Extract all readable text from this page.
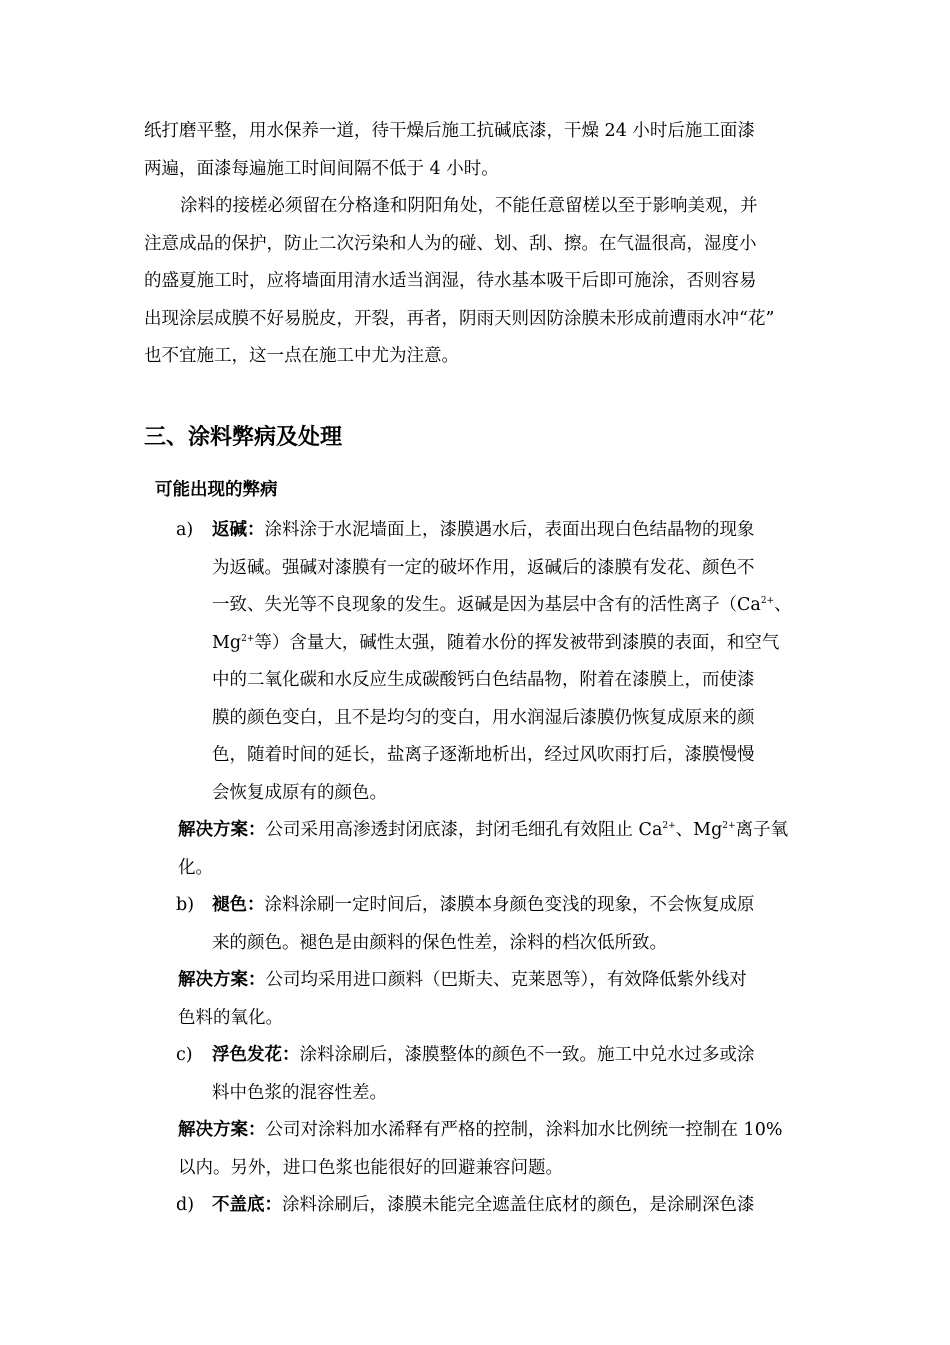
纸打磨平整，用水保养一道，待干燥后施工抗碱底漆，干燥 24 小时后施工面漆
两遍，面漆每遍施工时间间隔不低于 4 小时。
涂料的接槎必须留在分格逢和阴阳角处，不能任意留槎以至于影响美观，并
注意成品的保护，防止二次污染和人为的碰、划、刮、擦。在气温很高，湿度小
的盛夏施工时，应将墙面用清水适当润湿，待水基本吸干后即可施涂，否则容易
出现涂层成膜不好易脱皮，开裂，再者，阴雨天则因防涂膜未形成前遭雨水冲“花”
也不宜施工，这一点在施工中尤为注意。
三、涂料弊病及处理
可能出现的弊病
a) 返碱：涂料涂于水泥墙面上，漆膜遇水后，表面出现白色结晶物的现象
为返碱。强碱对漆膜有一定的破坏作用，返碱后的漆膜有发花、颜色不
一致、失光等不良现象的发生。返碱是因为基层中含有的活性离子（$Ca^{2+}$、
$Mg^{2+}$等）含量大，碱性太强，随着水份的挥发被带到漆膜的表面，和空气
中的二氧化碳和水反应生成碳酸钙白色结晶物，附着在漆膜上，而使漆
膜的颜色变白，且不是均匀的变白，用水润湿后漆膜仍恢复成原来的颜
色，随着时间的延长，盐离子逐渐地析出，经过风吹雨打后，漆膜慢慢
会恢复成原有的颜色。
解决方案：公司采用高渗透封闭底漆，封闭毛细孔有效阻止 $Ca^{2+}$、$Mg^{2+}$离子氧
化。
b) 褪色：涂料涂刷一定时间后，漆膜本身颜色变浅的现象，不会恢复成原
来的颜色。褪色是由颜料的保色性差，涂料的档次低所致。
解决方案：公司均采用进口颜料（巴斯夫、克莱恩等），有效降低紫外线对
色料的氧化。
c) 浮色发花：涂料涂刷后，漆膜整体的颜色不一致。施工中兑水过多或涂
料中色浆的混容性差。
解决方案：公司对涂料加水浠释有严格的控制，涂料加水比例统一控制在 10%
以内。另外，进口色浆也能很好的回避兼容问题。
d) 不盖底：涂料涂刷后，漆膜未能完全遮盖住底材的颜色，是涂刷深色漆
